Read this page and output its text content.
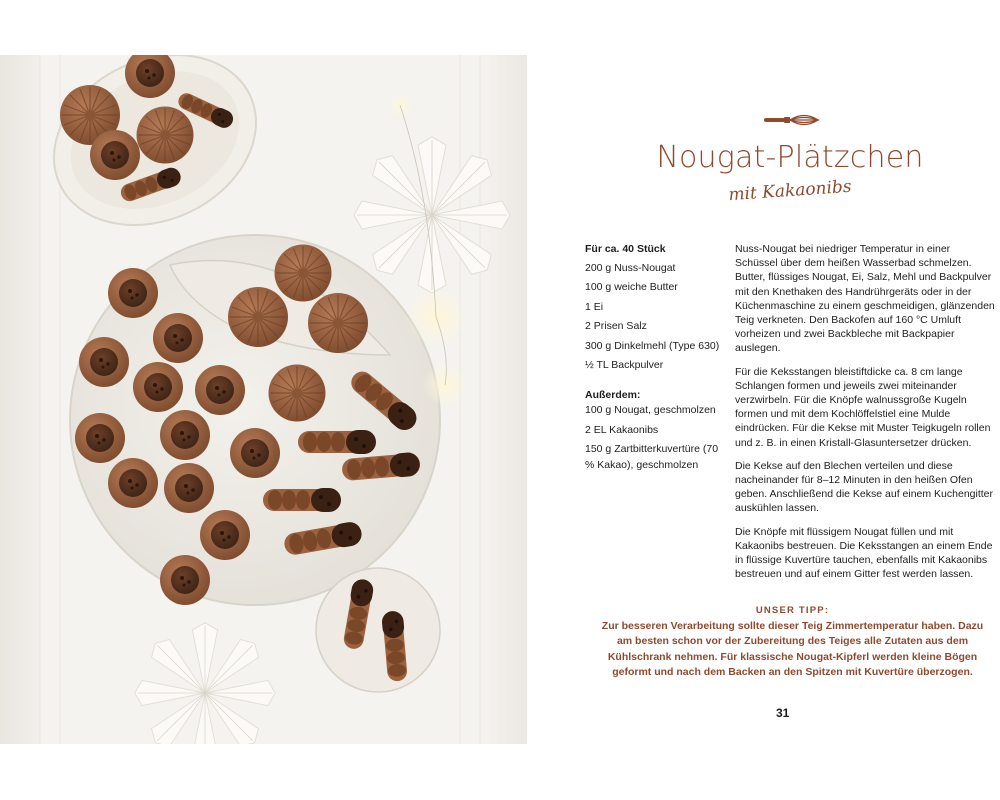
Nougat-Plätzchen
mit Kakaonibs
Für ca. 40 Stück
200 g Nuss-Nougat
100 g weiche Butter
1 Ei
2 Prisen Salz
300 g Dinkelmehl (Type 630)
½ TL Backpulver
Außerdem:
100 g Nougat, geschmolzen
2 EL Kakaonibs
150 g Zartbitterkuvertüre (70 % Kakao), geschmolzen

Nuss-Nougat bei niedriger Temperatur in einer Schüssel über dem heißen Wasserbad schmelzen. Butter, flüssiges Nougat, Ei, Salz, Mehl und Backpulver mit den Knethaken des Handrührgeräts oder in der Küchenmaschine zu einem geschmeidigen, glänzenden Teig verkneten. Den Backofen auf 160 °C Umluft vorheizen und zwei Backbleche mit Backpapier auslegen.

Für die Keksstangen bleistiftdicke ca. 8 cm lange Schlangen formen und jeweils zwei miteinander verzwirbeln. Für die Knöpfe walnussgroße Kugeln formen und mit dem Kochlöffelstiel eine Mulde eindrücken. Für die Kekse mit Muster Teigkugeln rollen und z. B. in einen Kristall-Glasuntersetzer drücken.

Die Kekse auf den Blechen verteilen und diese nacheinander für 8–12 Minuten in den heißen Ofen geben. Anschließend die Kekse auf einem Kuchengitter auskühlen lassen.

Die Knöpfe mit flüssigem Nougat füllen und mit Kakaonibs bestreuen. Die Keksstangen an einem Ende in flüssige Kuvertüre tauchen, ebenfalls mit Kakaonibs bestreuen und auf einem Gitter fest werden lassen.

UNSER TIPP:
Zur besseren Verarbeitung sollte dieser Teig Zimmertemperatur haben. Dazu am besten schon vor der Zubereitung des Teiges alle Zutaten aus dem Kühlschrank nehmen. Für klassische Nougat-Kipferl werden kleine Bögen geformt und nach dem Backen an den Spitzen mit Kuvertüre überzogen.
31
